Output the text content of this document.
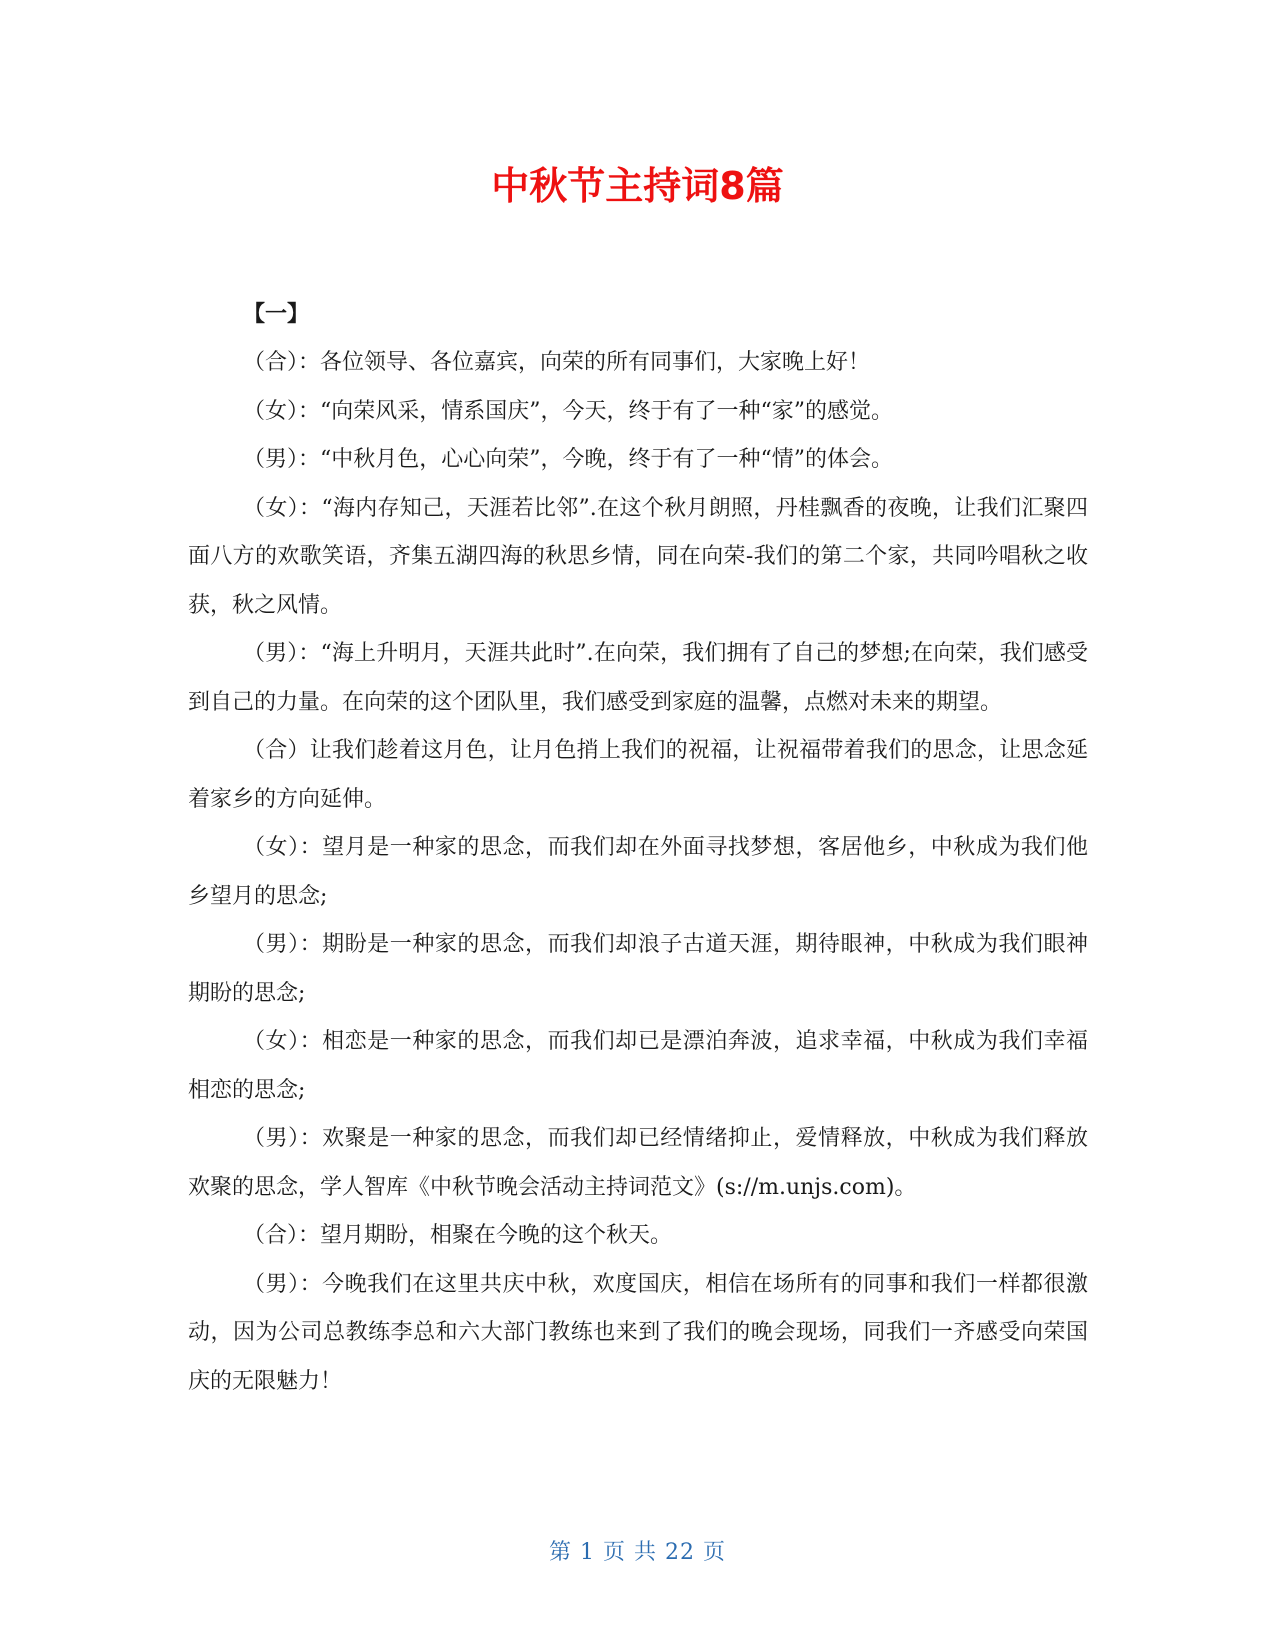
中秋节主持词8篇

【一】

（合）：各位领导、各位嘉宾，向荣的所有同事们，大家晚上好！

（女）：“向荣风采，情系国庆”，今天，终于有了一种“家”的感觉。

（男）：“中秋月色，心心向荣”，今晚，终于有了一种“情”的体会。

（女）：“海内存知己，天涯若比邻”.在这个秋月朗照，丹桂飘香的夜晚，让我们汇聚四面八方的欢歌笑语，齐集五湖四海的秋思乡情，同在向荣-我们的第二个家，共同吟唱秋之收获，秋之风情。

（男）：“海上升明月，天涯共此时”.在向荣，我们拥有了自己的梦想;在向荣，我们感受到自己的力量。在向荣的这个团队里，我们感受到家庭的温馨，点燃对未来的期望。

（合）让我们趁着这月色，让月色捎上我们的祝福，让祝福带着我们的思念，让思念延着家乡的方向延伸。

（女）：望月是一种家的思念，而我们却在外面寻找梦想，客居他乡，中秋成为我们他乡望月的思念;

（男）：期盼是一种家的思念，而我们却浪子古道天涯，期待眼神，中秋成为我们眼神期盼的思念;

（女）：相恋是一种家的思念，而我们却已是漂泊奔波，追求幸福，中秋成为我们幸福相恋的思念;

（男）：欢聚是一种家的思念，而我们却已经情绪抑止，爱情释放，中秋成为我们释放欢聚的思念，学人智库《中秋节晚会活动主持词范文》(s://m.unjs.com)。

（合）：望月期盼，相聚在今晚的这个秋天。

（男）：今晚我们在这里共庆中秋，欢度国庆，相信在场所有的同事和我们一样都很激动，因为公司总教练李总和六大部门教练也来到了我们的晚会现场，同我们一齐感受向荣国庆的无限魅力！

第 1 页 共 22 页
